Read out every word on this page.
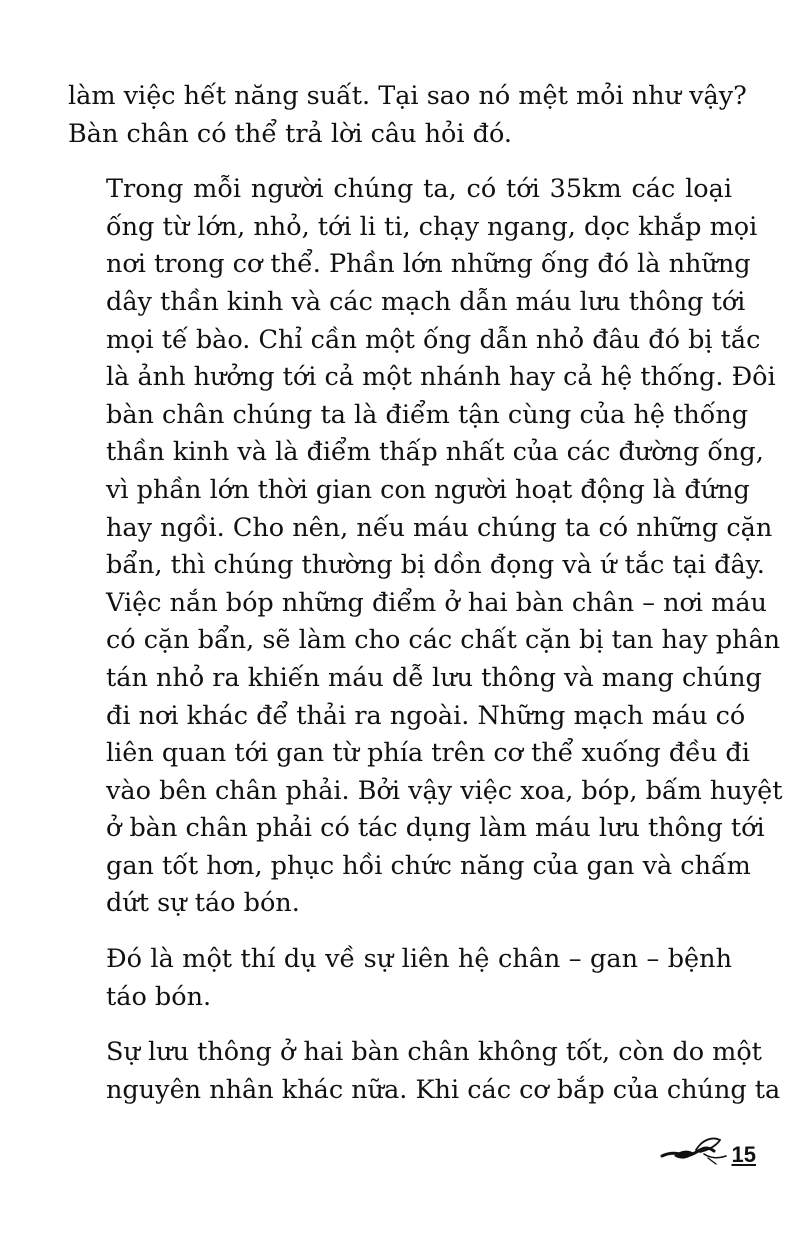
làm việc hết năng suất. Tại sao nó mệt mỏi như vậy?
Bàn chân có thể trả lời câu hỏi đó.

Trong mỗi người chúng ta, có tới 35km các loại
ống từ lớn, nhỏ, tới li ti, chạy ngang, dọc khắp mọi
nơi trong cơ thể. Phần lớn những ống đó là những
dây thần kinh và các mạch dẫn máu lưu thông tới
mọi tế bào. Chỉ cần một ống dẫn nhỏ đâu đó bị tắc
là ảnh hưởng tới cả một nhánh hay cả hệ thống. Đôi
bàn chân chúng ta là điểm tận cùng của hệ thống
thần kinh và là điểm thấp nhất của các đường ống,
vì phần lớn thời gian con người hoạt động là đứng
hay ngồi. Cho nên, nếu máu chúng ta có những cặn
bẩn, thì chúng thường bị dồn đọng và ứ tắc tại đây.
Việc nắn bóp những điểm ở hai bàn chân – nơi máu
có cặn bẩn, sẽ làm cho các chất cặn bị tan hay phân
tán nhỏ ra khiến máu dễ lưu thông và mang chúng
đi nơi khác để thải ra ngoài. Những mạch máu có
liên quan tới gan từ phía trên cơ thể xuống đều đi
vào bên chân phải. Bởi vậy việc xoa, bóp, bấm huyệt
ở bàn chân phải có tác dụng làm máu lưu thông tới
gan tốt hơn, phục hồi chức năng của gan và chấm
dứt sự táo bón.

Đó là một thí dụ về sự liên hệ chân – gan – bệnh
táo bón.

Sự lưu thông ở hai bàn chân không tốt, còn do một
nguyên nhân khác nữa. Khi các cơ bắp của chúng ta

15
